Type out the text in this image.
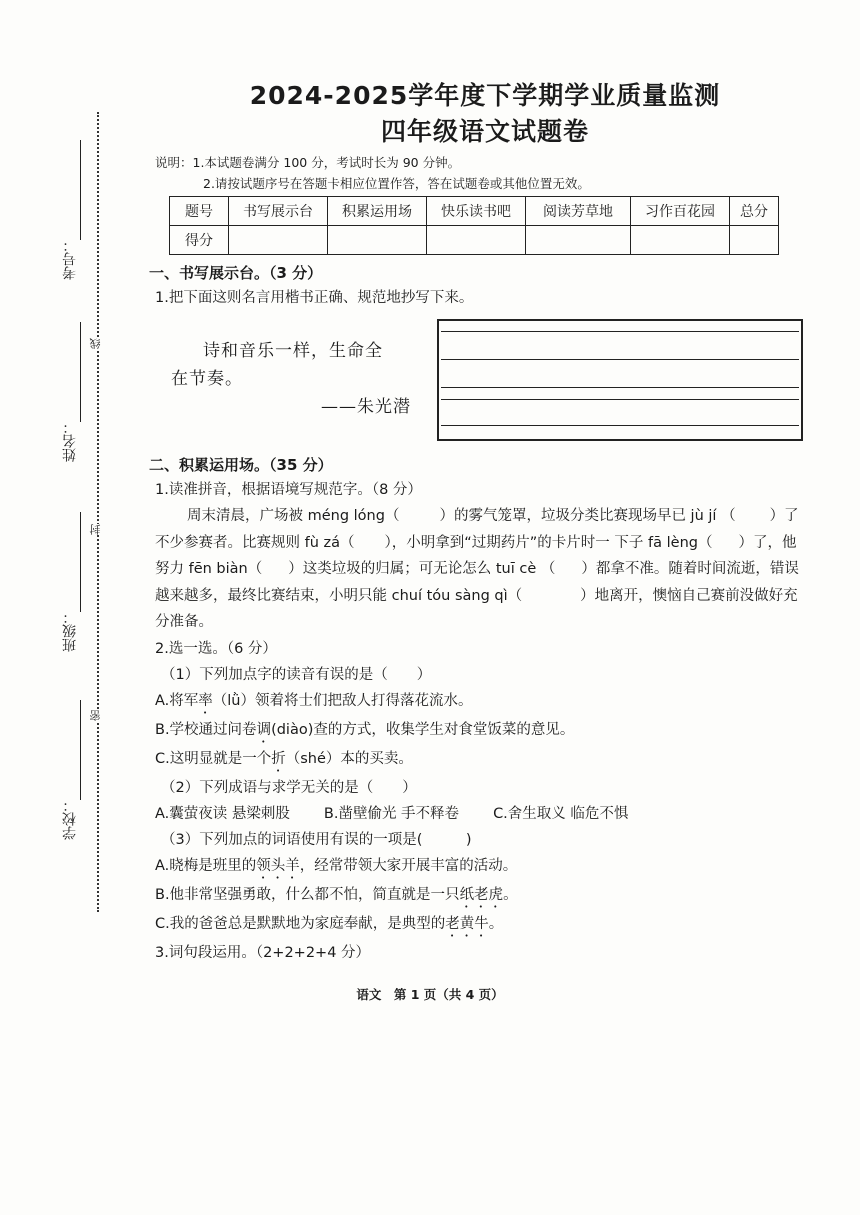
考号：
姓名：
班级：
学校：
线
封
密
2024-2025学年度下学期学业质量监测
四年级语文试题卷
说明：1.本试题卷满分 100 分，考试时长为 90 分钟。
2.请按试题序号在答题卡相应位置作答，答在试题卷或其他位置无效。
题号	书写展示台	积累运用场	快乐读书吧	阅读芳草地	习作百花园	总分
得分						
一、书写展示台。（3 分）
1.把下面这则名言用楷书正确、规范地抄写下来。
诗和音乐一样，生命全
在节奏。
——朱光潜
二、积累运用场。（35 分）
1.读准拼音，根据语境写规范字。（8 分）
周末清晨，广场被 méng lóng（	）的雾气笼罩，垃圾分类比赛现场早已 jù jí （ ）了不少参赛者。比赛规则 fù zá（ ），小明拿到“过期药片”的卡片时一 下子 fā lèng（ ）了，他努力 fēn biàn（ ）这类垃圾的归属；可无论怎么 tuī cè （ ）都拿不准。随着时间流逝，错误越来越多，最终比赛结束，小明只能 chuí tóu sàng qì（	）地离开，懊恼自己赛前没做好充分准备。
2.选一选。（6 分）
（1）下列加点字的读音有误的是（　　）
A.将军率（lǜ）领着将士们把敌人打得落花流水。
B.学校通过问卷调(diào)查的方式，收集学生对食堂饭菜的意见。
C.这明显就是一个折（shé）本的买卖。
（2）下列成语与求学无关的是（　　）
A.囊萤夜读 悬梁刺股 B.凿壁偷光 手不释卷 C.舍生取义 临危不惧
（3）下列加点的词语使用有误的一项是(　　　)
A.晓梅是班里的领头羊，经常带领大家开展丰富的活动。
B.他非常坚强勇敢，什么都不怕，简直就是一只纸老虎。
C.我的爸爸总是默默地为家庭奉献，是典型的老黄牛。
3.词句段运用。（2+2+2+4 分）
语文　第 1 页（共 4 页）
